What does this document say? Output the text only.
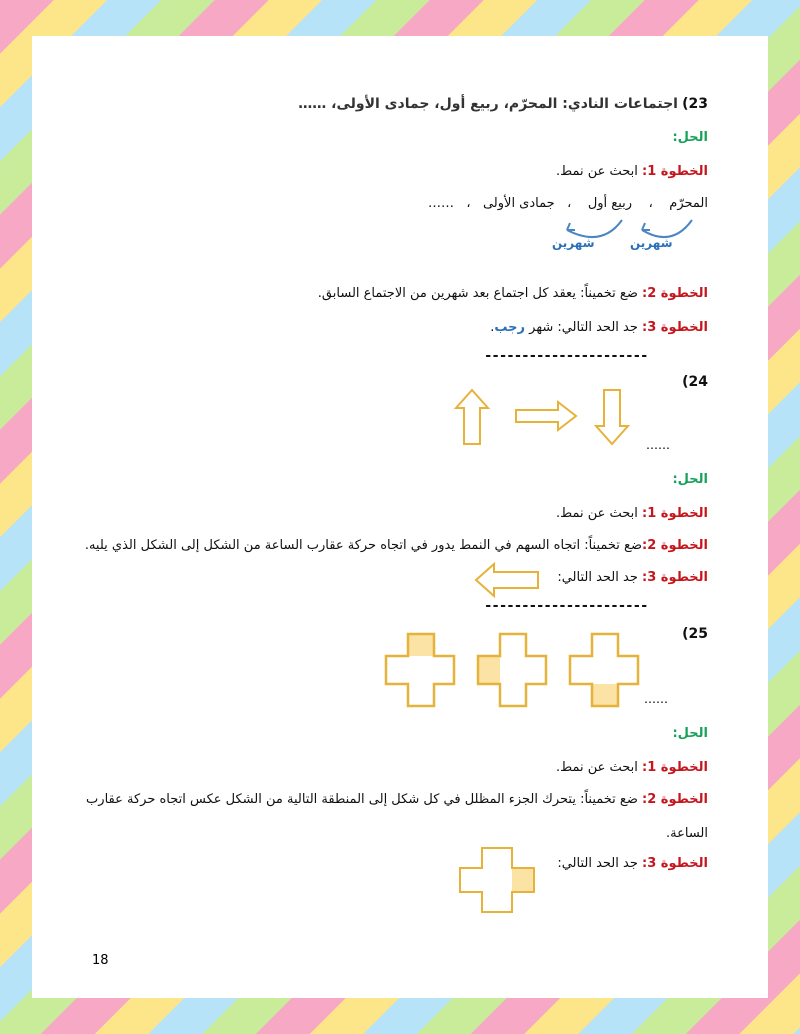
23) اجتماعات النادي: المحرّم، ربيع أول، جمادى الأولى، ……
الحل:
الخطوة 1: ابحث عن نمط.
المحرّم    ،    ربيع أول    ،   جمادى الأولى   ،   ……
شهرين
شهرين
الخطوة 2: ضع تخميناً: يعقد كل اجتماع بعد شهرين من الاجتماع السابق.
الخطوة 3: جد الحد التالي: شهر رجب.
----------------------
24)
……
الحل:
الخطوة 1: ابحث عن نمط.
الخطوة 2:ضع تخميناً: اتجاه السهم في النمط يدور في اتجاه حركة عقارب الساعة من الشكل إلى الشكل الذي يليه.
الخطوة 3: جد الحد التالي:
----------------------
25)
……
الحل:
الخطوة 1: ابحث عن نمط.
الخطوة 2: ضع تخميناً: يتحرك الجزء المظلل في كل شكل إلى المنطقة التالية من الشكل عكس اتجاه حركة عقارب
الساعة.
الخطوة 3: جد الحد التالي:
18
